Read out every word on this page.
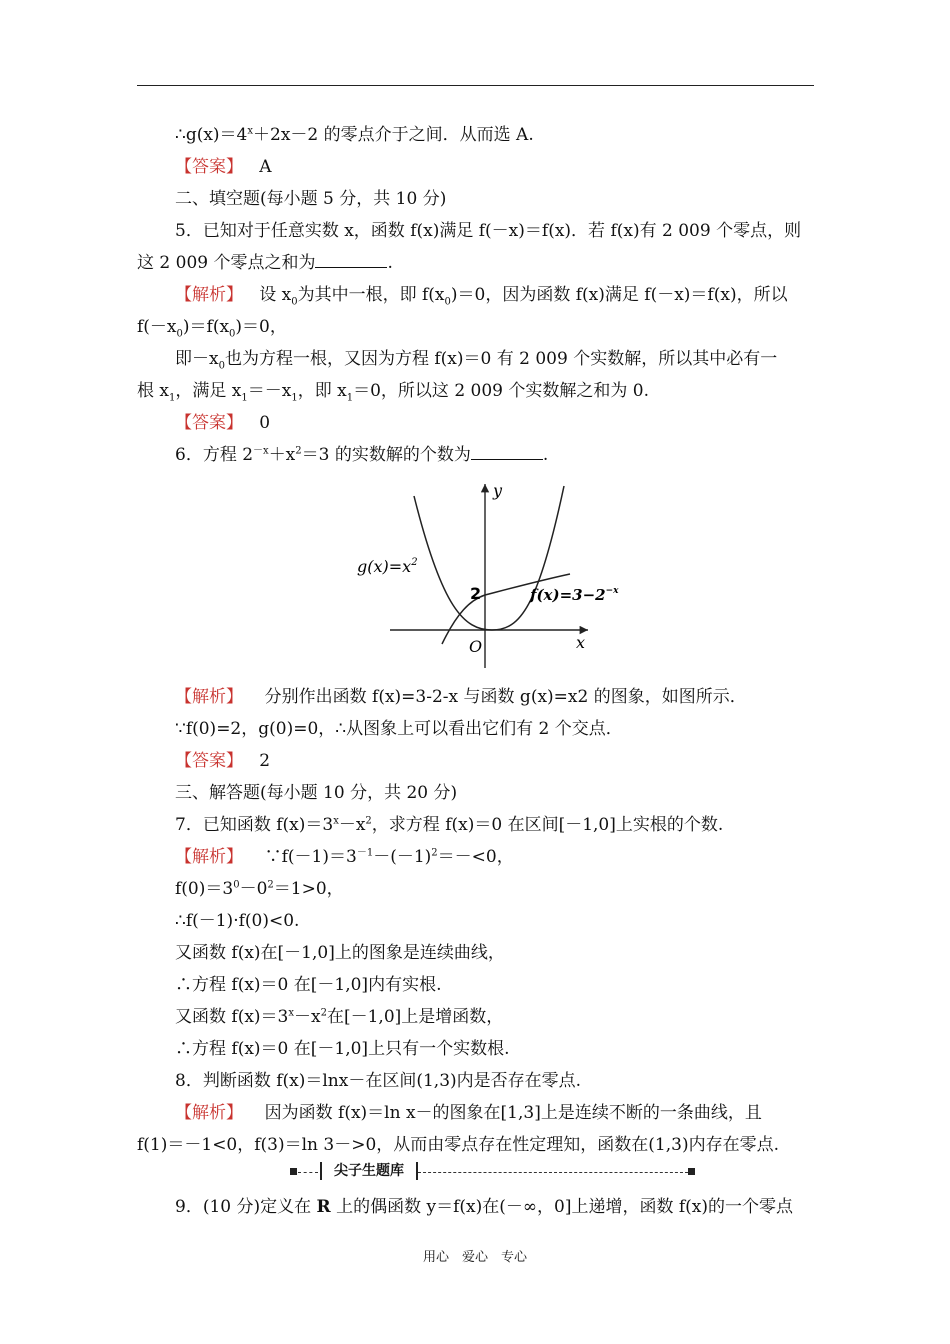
$\therefore g(x)=4^x+2x-2$ 的零点介于之间．从而选 A.
【答案】 A
二、填空题(每小题 5 分，共 10 分)
5．已知对于任意实数 x，函数 f(x)满足 f(－x)＝f(x)．若 f(x)有 2 009 个零点，则
这 2 009 个零点之和为	.
【解析】 设 $x_0$为其中一根，即 $f(x_0)=0$，因为函数 f(x)满足 f(－x)＝f(x)，所以
$f(-x_0)=f(x_0)=0$，
即$-x_0$也为方程一根，又因为方程 f(x)＝0 有 2 009 个实数解，所以其中必有一
根 $x_1$，满足 $x_1=-x_1$，即 $x_1=0$，所以这 2 009 个实数解之和为 0.
【答案】 0
6．方程 $2^{-x}+x^2=3$ 的实数解的个数为	.
$g(x)=x^2$
$f(x)=3-2^{-x}$
2
O
y
x
【解析】 分别作出函数 f(x)=3-2-x 与函数 g(x)=x2 的图象，如图所示．
∵f(0)=2，g(0)=0，∴从图象上可以看出它们有 2 个交点．
【答案】 2
三、解答题(每小题 10 分，共 20 分)
7．已知函数 $f(x)=3^x-x^2$，求方程 f(x)＝0 在区间[－1,0]上实根的个数.
【解析】 $\because f(-1)=3^{-1}-(-1)^2=-<0$，
$f(0)=3^0-0^2=1>0$，
∴f(－1)·f(0)<0.
又函数 f(x)在[－1,0]上的图象是连续曲线，
∴方程 f(x)＝0 在[－1,0]内有实根.
又函数 $f(x)=3^x-x^2$在[－1,0]上是增函数，
∴方程 f(x)＝0 在[－1,0]上只有一个实数根.
8．判断函数 f(x)＝lnx－在区间(1,3)内是否存在零点.
【解析】 因为函数 f(x)＝ln x－的图象在[1,3]上是连续不断的一条曲线，且
f(1)＝－1<0，f(3)＝ln 3－>0，从而由零点存在性定理知，函数在(1,3)内存在零点.
尖子生题库
9．(10 分)定义在 R 上的偶函数 y＝f(x)在(－∞，0]上递增，函数 f(x)的一个零点
用心　爱心　专心
